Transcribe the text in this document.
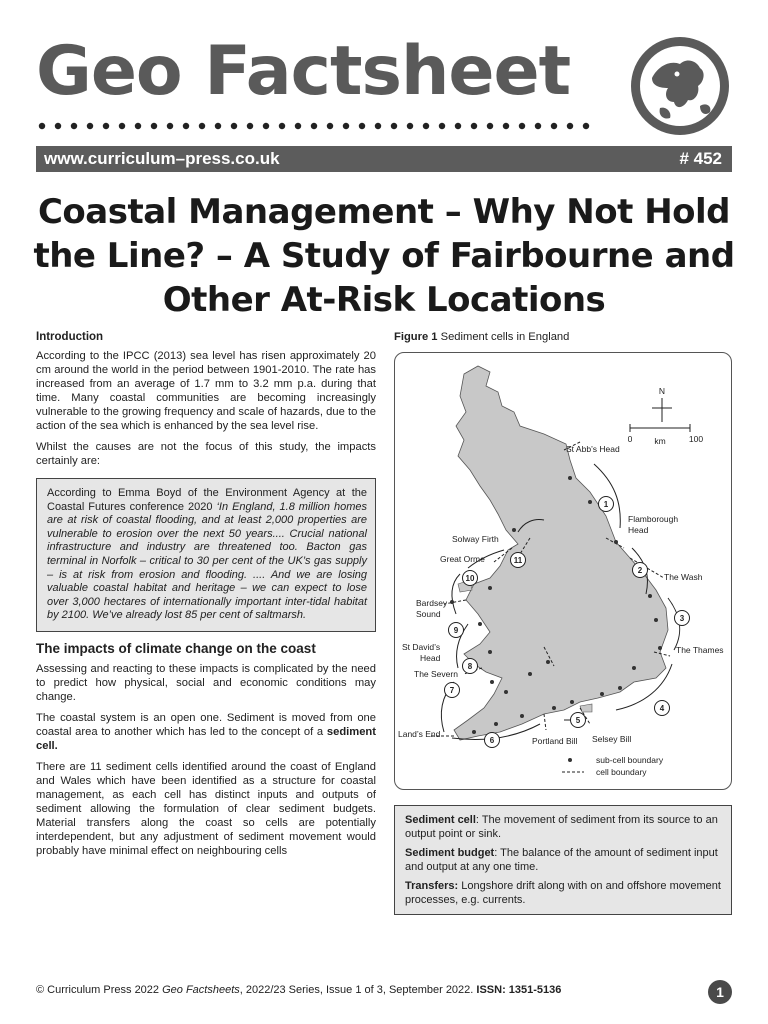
Geo Factsheet
www.curriculum–press.co.uk	# 452
Coastal Management – Why Not Hold
the Line? – A Study of Fairbourne and
Other At-Risk Locations
Introduction

According to the IPCC (2013) sea level has risen approximately 20 cm around the world in the period between 1901-2010. The rate has increased from an average of 1.7 mm to 3.2 mm p.a. during that time. Many coastal communities are becoming increasingly vulnerable to the growing frequency and scale of hazards, due to the action of the sea which is enhanced by the sea level rise.

Whilst the causes are not the focus of this study, the impacts certainly are:

According to Emma Boyd of the Environment Agency at the Coastal Futures conference 2020 ‘In England, 1.8 million homes are at risk of coastal flooding, and at least 2,000 properties are vulnerable to erosion over the next 50 years.... Crucial national infrastructure and industry are threatened too. Bacton gas terminal in Norfolk – critical to 30 per cent of the UK’s gas supply – is at risk from erosion and flooding. .... And we are losing valuable coastal habitat and heritage – we can expect to lose over 3,000 hectares of internationally important inter-tidal habitat by 2100. We’ve already lost 85 per cent of saltmarsh.
The impacts of climate change on the coast

Assessing and reacting to these impacts is complicated by the need to predict how physical, social and economic conditions may change.

The coastal system is an open one. Sediment is moved from one coastal area to another which has led to the concept of a sediment cell.

There are 11 sediment cells identified around the coast of England and Wales which have been identified as a structure for coastal management, as each cell has distinct inputs and outputs of sediment allowing the formulation of clear sediment budgets. Material transfers along the coast so cells are potentially interdependent, but any adjustment of sediment movement would probably have minimal effect on neighbouring cells

Figure 1 Sediment cells in England
N
0	km	100
1
2
3
4
5
6
7
8
9
10
11
St Abb’s Head
Flamborough
Head
Solway Firth
Great Orme
The Wash
Bardsey
Sound
The Thames
St David’s
Head
The Severn
Land’s End
Portland Bill Selsey Bill
sub-cell boundary
cell boundary

Sediment cell: The movement of sediment from its source to an output point or sink.

Sediment budget: The balance of the amount of sediment input and output at any one time.

Transfers: Longshore drift along with on and offshore movement processes, e.g. currents.

© Curriculum Press 2022 Geo Factsheets, 2022/23 Series, Issue 1 of 3, September 2022. ISSN: 1351-5136	1
